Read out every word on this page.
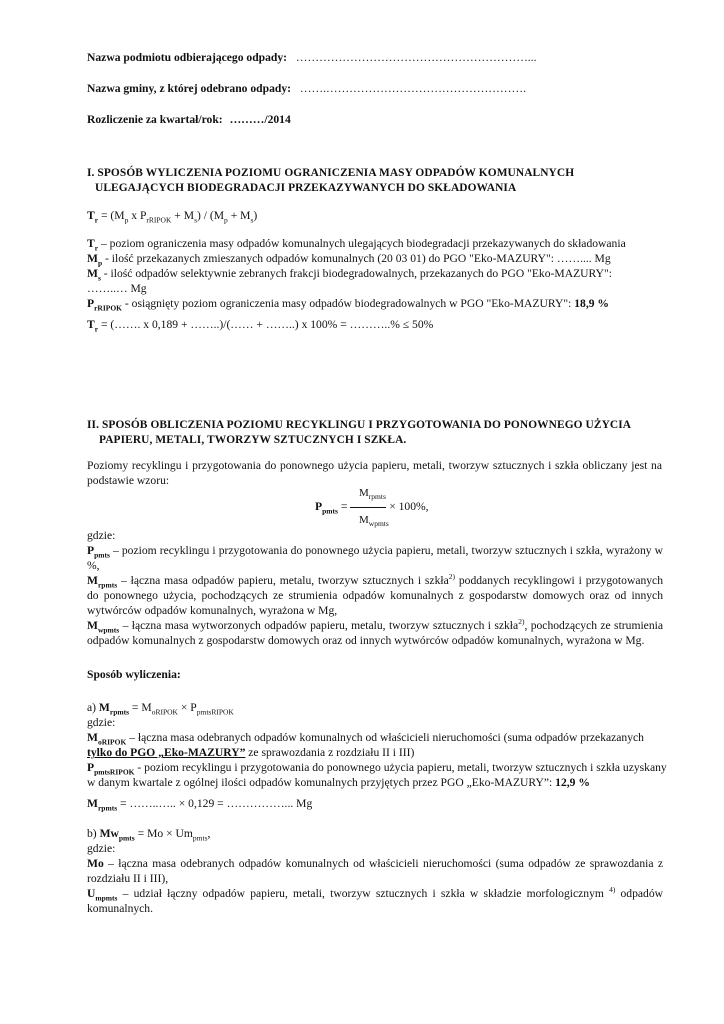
Nazwa podmiotu odbierającego odpady: ……………………………………………………...
Nazwa gminy, z której odebrano odpady: …….…………………………………………….
Rozliczenie za kwartał/rok: ………/2014
I. SPOSÓB WYLICZENIA POZIOMU OGRANICZENIA MASY ODPADÓW KOMUNALNYCH
ULEGAJĄCYCH BIODEGRADACJI PRZEKAZYWANYCH DO SKŁADOWANIA
$T_r = (M_p$ x $P_{rRIPOK} + M_s) / (M_p + M_s)$
$T_r$ – poziom ograniczenia masy odpadów komunalnych ulegających biodegradacji przekazywanych do składowania
$M_p$ - ilość przekazanych zmieszanych odpadów komunalnych (20 03 01) do PGO "Eko-MAZURY": …….... Mg
$M_s$ - ilość odpadów selektywnie zebranych frakcji biodegradowalnych, przekazanych do PGO "Eko-MAZURY":
……..… Mg
$P_{rRIPOK}$ - osiągnięty poziom ograniczenia masy odpadów biodegradowalnych w PGO "Eko-MAZURY": 18,9 %
$T_r$ = (……. x 0,189 + ……..)/(…… + ……..) x 100% = ………..% ≤ 50%
II. SPOSÓB OBLICZENIA POZIOMU RECYKLINGU I PRZYGOTOWANIA DO PONOWNEGO UŻYCIA
PAPIERU, METALI, TWORZYW SZTUCZNYCH I SZKŁA.
Poziomy recyklingu i przygotowania do ponownego użycia papieru, metali, tworzyw sztucznych i szkła obliczany jest na podstawie wzoru:
$M_{rpmts}$
$P_{pmts}$ =	× 100%,
$M_{wpmts}$
gdzie:
$P_{pmts}$ – poziom recyklingu i przygotowania do ponownego użycia papieru, metali, tworzyw sztucznych i szkła, wyrażony w %,
$M_{rpmts}$ – łączna masa odpadów papieru, metalu, tworzyw sztucznych i szkła$^{2)}$ poddanych recyklingowi i przygotowanych do ponownego użycia, pochodzących ze strumienia odpadów komunalnych z gospodarstw domowych oraz od innych wytwórców odpadów komunalnych, wyrażona w Mg,
$M_{wpmts}$ – łączna masa wytworzonych odpadów papieru, metalu, tworzyw sztucznych i szkła$^{2)}$, pochodzących ze strumienia odpadów komunalnych z gospodarstw domowych oraz od innych wytwórców odpadów komunalnych, wyrażona w Mg.
Sposób wyliczenia:
a) $M_{rpmts} = M_{oRIPOK} \times P_{pmtsRIPOK}$
gdzie:
$M_{oRIPOK}$ – łączna masa odebranych odpadów komunalnych od właścicieli nieruchomości (suma odpadów przekazanych tylko do PGO „Eko-MAZURY” ze sprawozdania z rozdziału II i III)
$P_{pmtsRIPOK}$ - poziom recyklingu i przygotowania do ponownego użycia papieru, metali, tworzyw sztucznych i szkła uzyskany w danym kwartale z ogólnej ilości odpadów komunalnych przyjętych przez PGO „Eko-MAZURY”: 12,9 %
$M_{rpmts}$ = ……..….. × 0,129 = ……………... Mg
b) $Mw_{pmts} = Mo \times Um_{pmts}$,
gdzie:
Mo – łączna masa odebranych odpadów komunalnych od właścicieli nieruchomości (suma odpadów ze sprawozdania z rozdziału II i III),
$U_{mpmts}$ – udział łączny odpadów papieru, metali, tworzyw sztucznych i szkła w składzie morfologicznym $^{4)}$ odpadów komunalnych.
